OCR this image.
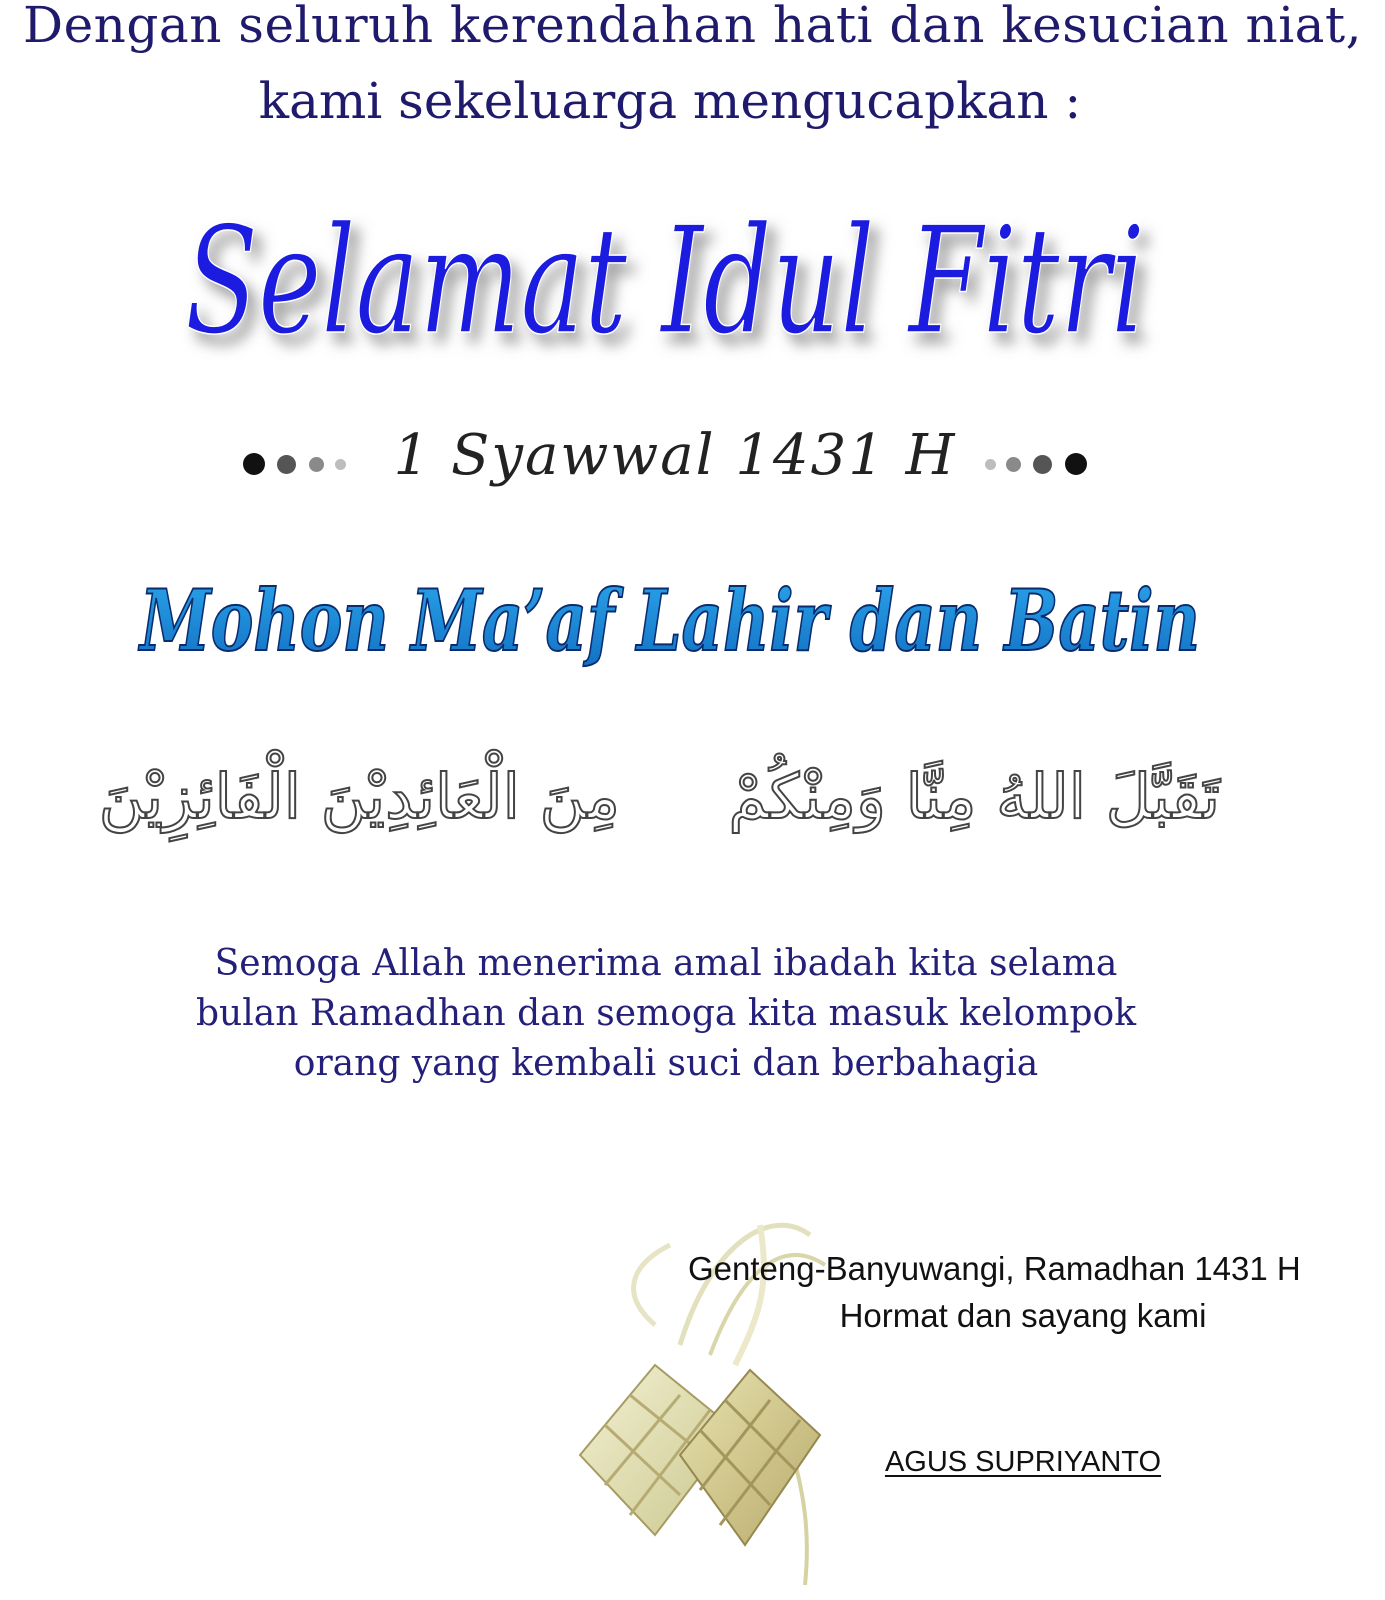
Dengan seluruh kerendahan hati dan kesucian niat,
kami sekeluarga mengucapkan :
Selamat Idul Fitri
1 Syawwal 1431 H
Mohon Ma’af Lahir dan Batin
مِنَ الْعَائِدِيْنَ الْفَائِزِيْنَ	تَقَبَّلَ اللهُ مِنَّا وَمِنْكُمْ
Semoga Allah menerima amal ibadah kita selama
bulan Ramadhan dan semoga kita masuk kelompok
orang yang kembali suci dan berbahagia
Genteng-Banyuwangi, Ramadhan 1431 H
Hormat dan sayang kami
AGUS SUPRIYANTO
